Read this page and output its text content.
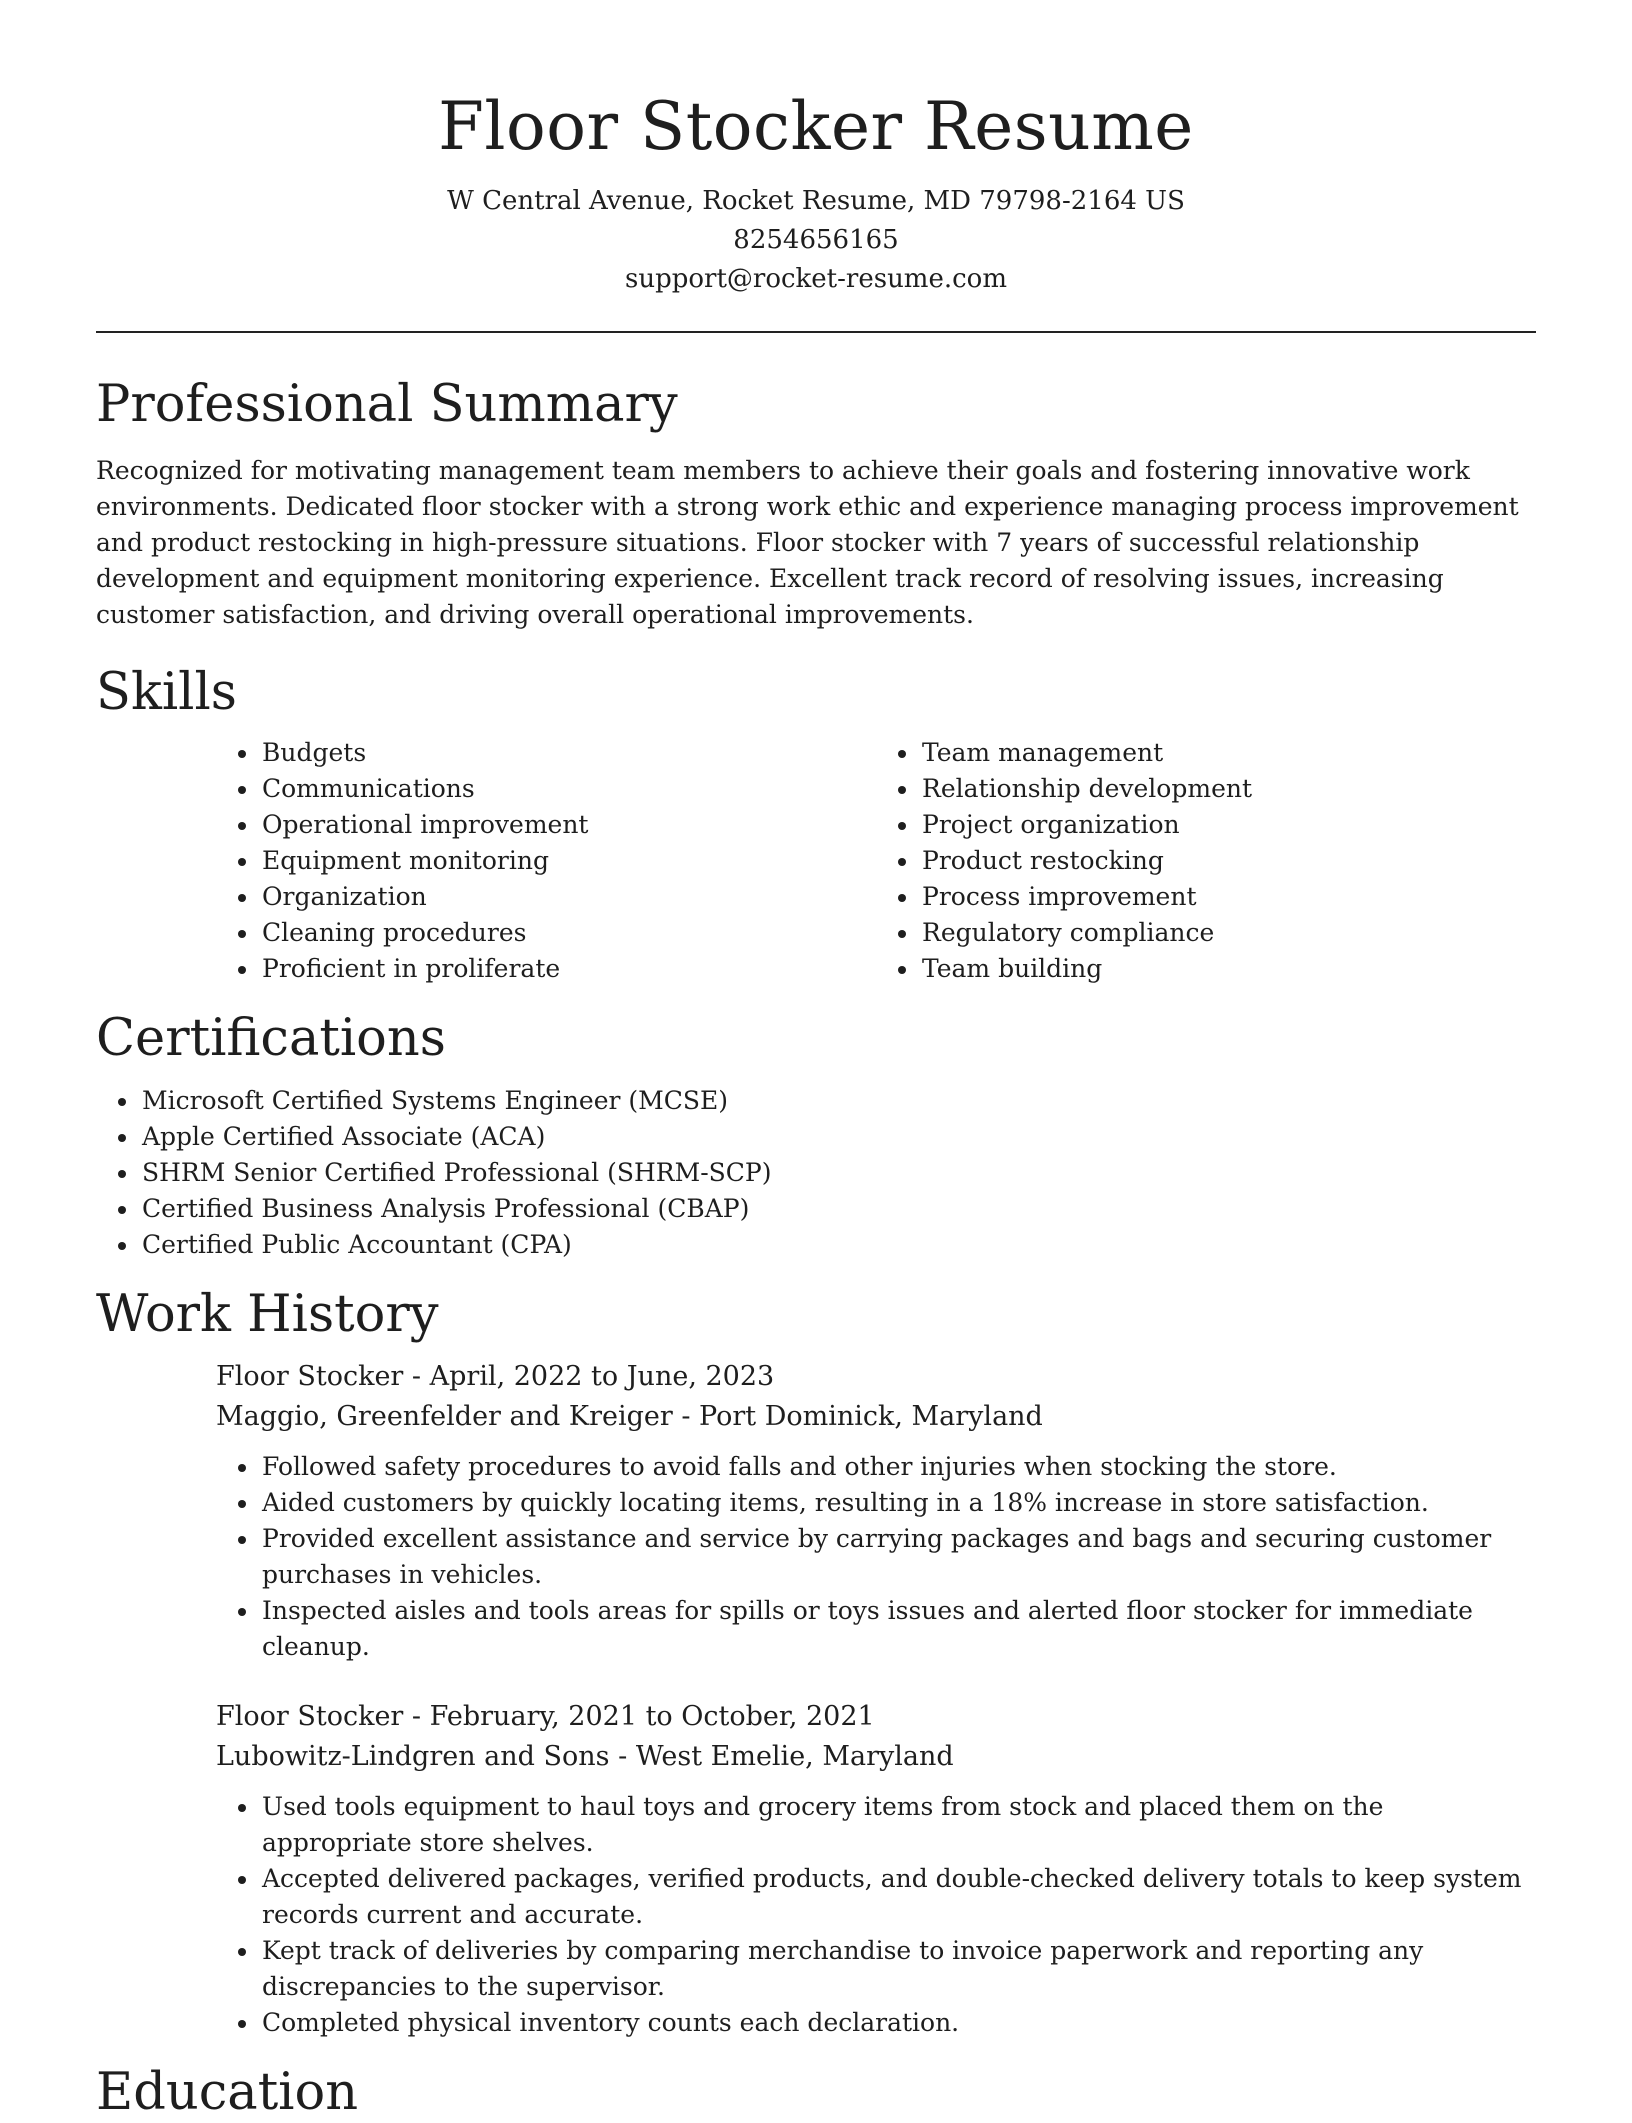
Floor Stocker Resume
W Central Avenue, Rocket Resume, MD 79798-2164 US
8254656165
support@rocket-resume.com
Professional Summary

Recognized for motivating management team members to achieve their goals and fostering innovative work environments. Dedicated floor stocker with a strong work ethic and experience managing process improvement and product restocking in high-pressure situations. Floor stocker with 7 years of successful relationship development and equipment monitoring experience. Excellent track record of resolving issues, increasing customer satisfaction, and driving overall operational improvements.

Skills
• Budgets
• Communications
• Operational improvement
• Equipment monitoring
• Organization
• Cleaning procedures
• Proficient in proliferate
• Team management
• Relationship development
• Project organization
• Product restocking
• Process improvement
• Regulatory compliance
• Team building
Certifications
• Microsoft Certified Systems Engineer (MCSE)
• Apple Certified Associate (ACA)
• SHRM Senior Certified Professional (SHRM-SCP)
• Certified Business Analysis Professional (CBAP)
• Certified Public Accountant (CPA)
Work History
Floor Stocker - April, 2022 to June, 2023
Maggio, Greenfelder and Kreiger - Port Dominick, Maryland
• Followed safety procedures to avoid falls and other injuries when stocking the store.
• Aided customers by quickly locating items, resulting in a 18% increase in store satisfaction.
• Provided excellent assistance and service by carrying packages and bags and securing customer purchases in vehicles.
• Inspected aisles and tools areas for spills or toys issues and alerted floor stocker for immediate cleanup.
Floor Stocker - February, 2021 to October, 2021
Lubowitz-Lindgren and Sons - West Emelie, Maryland
• Used tools equipment to haul toys and grocery items from stock and placed them on the appropriate store shelves.
• Accepted delivered packages, verified products, and double-checked delivery totals to keep system records current and accurate.
• Kept track of deliveries by comparing merchandise to invoice paperwork and reporting any discrepancies to the supervisor.
• Completed physical inventory counts each declaration.
Education
